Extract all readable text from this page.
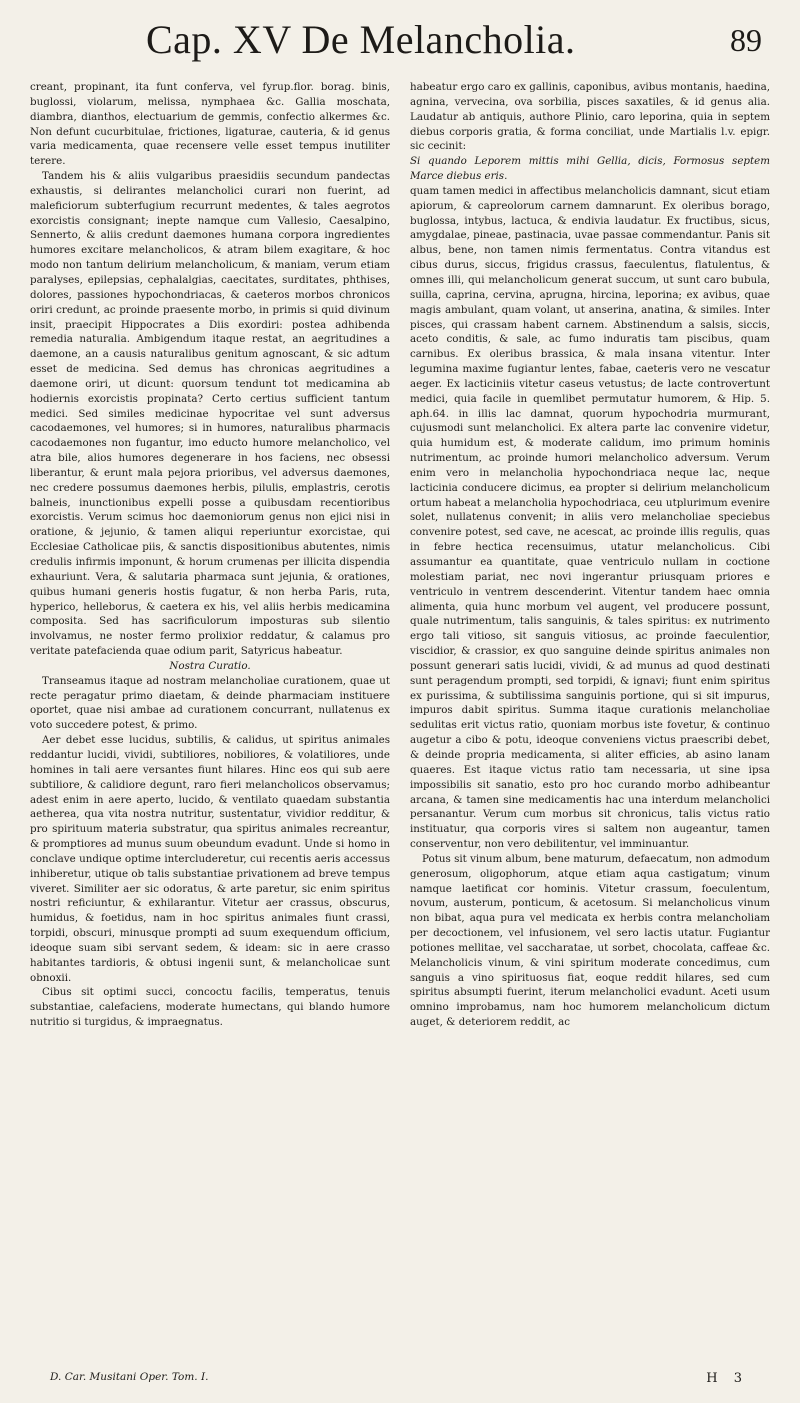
Cap. XV De Melancholia.	89

creant, propinant, ita funt conferva, vel fyrup.flor. borag. binis, buglossi, violarum, melissa, nymphaea &c. Gallia moschata, diambra, dianthos, electuarium de gemmis, confectio alkermes &c. Non defunt cucurbitulae, frictiones, ligaturae, cauteria, & id genus varia medicamenta, quae recensere velle esset tempus inutiliter terere.

Tandem his & aliis vulgaribus praesidiis secundum pandectas exhaustis, si delirantes melancholici curari non fuerint, ad maleficiorum subterfugium recurrunt medentes, & tales aegrotos exorcistis consignant; inepte namque cum Vallesio, Caesalpino, Sennerto, & aliis credunt daemones humana corpora ingredientes humores excitare melancholicos, & atram bilem exagitare, & hoc modo non tantum delirium melancholicum, & maniam, verum etiam paralyses, epilepsias, cephalalgias, caecitates, surditates, phthises, dolores, passiones hypochondriacas, & caeteros morbos chronicos oriri credunt, ac proinde praesente morbo, in primis si quid divinum insit, praecipit Hippocrates a Diis exordiri: postea adhibenda remedia naturalia. Ambigendum itaque restat, an aegritudines a daemone, an a causis naturalibus genitum agnoscant, & sic adtum esset de medicina. Sed demus has chronicas aegritudines a daemone oriri, ut dicunt: quorsum tendunt tot medicamina ab hodiernis exorcistis propinata? Certo certius sufficient tantum medici. Sed similes medicinae hypocritae vel sunt adversus cacodaemones, vel humores; si in humores, naturalibus pharmacis cacodaemones non fugantur, imo educto humore melancholico, vel atra bile, alios humores degenerare in hos faciens, nec obsessi liberantur, & erunt mala pejora prioribus, vel adversus daemones, nec credere possumus daemones herbis, pilulis, emplastris, cerotis balneis, inunctionibus expelli posse a quibusdam recentioribus exorcistis. Verum scimus hoc daemoniorum genus non ejici nisi in oratione, & jejunio, & tamen aliqui reperiuntur exorcistae, qui Ecclesiae Catholicae piis, & sanctis dispositionibus abutentes, nimis credulis infirmis imponunt, & horum crumenas per illicita dispendia exhauriunt. Vera, & salutaria pharmaca sunt jejunia, & orationes, quibus humani generis hostis fugatur, & non herba Paris, ruta, hyperico, helleborus, & caetera ex his, vel aliis herbis medicamina composita. Sed has sacrificulorum imposturas sub silentio involvamus, ne noster fermo prolixior reddatur, & calamus pro veritate patefacienda quae odium parit, Satyricus habeatur.

Nostra Curatio.

Transeamus itaque ad nostram melancholiae curationem, quae ut recte peragatur primo diaetam, & deinde pharmaciam instituere oportet, quae nisi ambae ad curationem concurrant, nullatenus ex voto succedere potest, & primo.

Aer debet esse lucidus, subtilis, & calidus, ut spiritus animales reddantur lucidi, vividi, subtiliores, nobiliores, & volatiliores, unde homines in tali aere versantes fiunt hilares. Hinc eos qui sub aere subtiliore, & calidiore degunt, raro fieri melancholicos observamus; adest enim in aere aperto, lucido, & ventilato quaedam substantia aetherea, qua vita nostra nutritur, sustentatur, vividior redditur, & pro spirituum materia substratur, qua spiritus animales recreantur, & promptiores ad munus suum obeundum evadunt. Unde si homo in conclave undique optime intercluderetur, cui recentis aeris accessus inhiberetur, utique ob talis substantiae privationem ad breve tempus viveret. Similiter aer sic odoratus, & arte paretur, sic enim spiritus nostri reficiuntur, & exhilarantur. Vitetur aer crassus, obscurus, humidus, & foetidus, nam in hoc spiritus animales fiunt crassi, torpidi, obscuri, minusque prompti ad suum exequendum officium, ideoque suam sibi servant sedem, & ideam: sic in aere crasso habitantes tardioris, & obtusi ingenii sunt, & melancholicae sunt obnoxii.

Cibus sit optimi succi, concoctu facilis, temperatus, tenuis substantiae, calefaciens, moderate humectans, qui blando humore nutritio si turgidus, & impraegnatus.

habeatur ergo caro ex gallinis, caponibus, avibus montanis, haedina, agnina, vervecina, ova sorbilia, pisces saxatiles, & id genus alia. Laudatur ab antiquis, authore Plinio, caro leporina, quia in septem diebus corporis gratia, & forma conciliat, unde Martialis l.v. epigr. sic cecinit:

Si quando Leporem mittis mihi Gellia, dicis, Formosus septem Marce diebus eris.

quam tamen medici in affectibus melancholicis damnant, sicut etiam apiorum, & capreolorum carnem damnarunt. Ex oleribus borago, buglossa, intybus, lactuca, & endivia laudatur. Ex fructibus, sicus, amygdalae, pineae, pastinacia, uvae passae commendantur. Panis sit albus, bene, non tamen nimis fermentatus. Contra vitandus est cibus durus, siccus, frigidus crassus, faeculentus, flatulentus, & omnes illi, qui melancholicum generat succum, ut sunt caro bubula, suilla, caprina, cervina, aprugna, hircina, leporina; ex avibus, quae magis ambulant, quam volant, ut anserina, anatina, & similes. Inter pisces, qui crassam habent carnem. Abstinendum a salsis, siccis, aceto conditis, & sale, ac fumo induratis tam piscibus, quam carnibus. Ex oleribus brassica, & mala insana vitentur. Inter legumina maxime fugiantur lentes, fabae, caeteris vero ne vescatur aeger. Ex lacticiniis vitetur caseus vetustus; de lacte controvertunt medici, quia facile in quemlibet permutatur humorem, & Hip. 5. aph.64. in illis lac damnat, quorum hypochodria murmurant, cujusmodi sunt melancholici. Ex altera parte lac convenire videtur, quia humidum est, & moderate calidum, imo primum hominis nutrimentum, ac proinde humori melancholico adversum. Verum enim vero in melancholia hypochondriaca neque lac, neque lacticinia conducere dicimus, ea propter si delirium melancholicum ortum habeat a melancholia hypochodriaca, ceu utplurimum evenire solet, nullatenus convenit; in aliis vero melancholiae speciebus convenire potest, sed cave, ne acescat, ac proinde illis regulis, quas in febre hectica recensuimus, utatur melancholicus. Cibi assumantur ea quantitate, quae ventriculo nullam in coctione molestiam pariat, nec novi ingerantur priusquam priores e ventriculo in ventrem descenderint. Vitentur tandem haec omnia alimenta, quia hunc morbum vel augent, vel producere possunt, quale nutrimentum, talis sanguinis, & tales spiritus: ex nutrimento ergo tali vitioso, sit sanguis vitiosus, ac proinde faeculentior, viscidior, & crassior, ex quo sanguine deinde spiritus animales non possunt generari satis lucidi, vividi, & ad munus ad quod destinati sunt peragendum prompti, sed torpidi, & ignavi; fiunt enim spiritus ex purissima, & subtilissima sanguinis portione, qui si sit impurus, impuros dabit spiritus. Summa itaque curationis melancholiae sedulitas erit victus ratio, quoniam morbus iste fovetur, & continuo augetur a cibo & potu, ideoque conveniens victus praescribi debet, & deinde propria medicamenta, si aliter efficies, ab asino lanam quaeres. Est itaque victus ratio tam necessaria, ut sine ipsa impossibilis sit sanatio, esto pro hoc curando morbo adhibeantur arcana, & tamen sine medicamentis hac una interdum melancholici persanantur. Verum cum morbus sit chronicus, talis victus ratio instituatur, qua corporis vires si saltem non augeantur, tamen conserventur, non vero debilitentur, vel imminuantur.

Potus sit vinum album, bene maturum, defaecatum, non admodum generosum, oligophorum, atque etiam aqua castigatum; vinum namque laetificat cor hominis. Vitetur crassum, foeculentum, novum, austerum, ponticum, & acetosum. Si melancholicus vinum non bibat, aqua pura vel medicata ex herbis contra melancholiam per decoctionem, vel infusionem, vel sero lactis utatur. Fugiantur potiones mellitae, vel saccharatae, ut sorbet, chocolata, caffeae &c. Melancholicis vinum, & vini spiritum moderate concedimus, cum sanguis a vino spirituosus fiat, eoque reddit hilares, sed cum spiritus absumpti fuerint, iterum melancholici evadunt. Aceti usum omnino improbamus, nam hoc humorem melancholicum dictum auget, & deteriorem reddit, ac

D. Car. Musitani Oper. Tom. I.	H 3
